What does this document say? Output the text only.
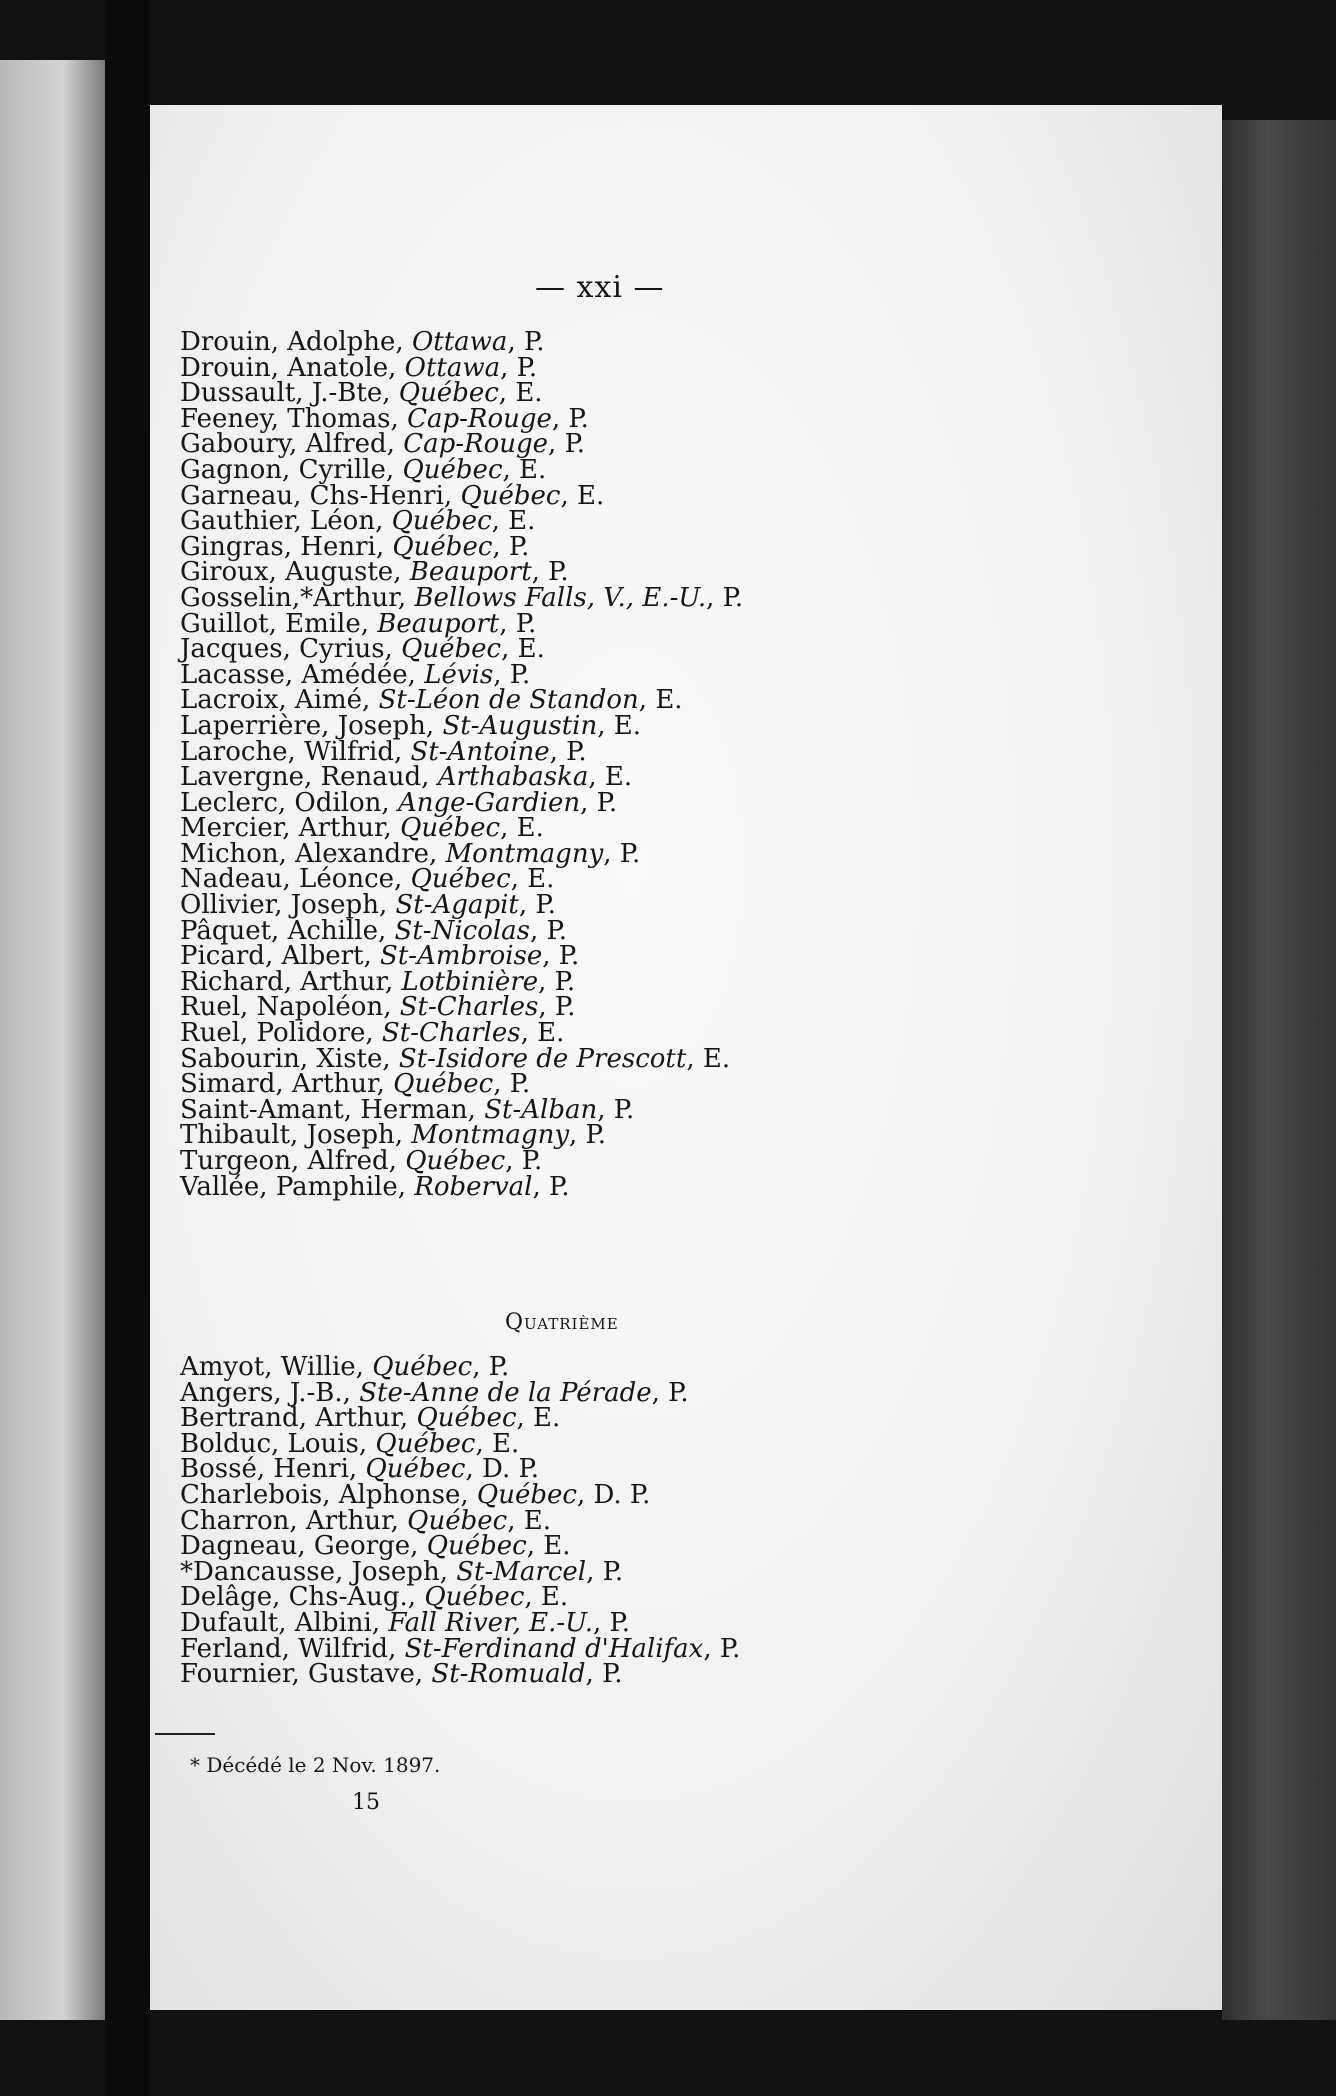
— xxi —
Drouin, Adolphe, Ottawa, P.
Drouin, Anatole, Ottawa, P.
Dussault, J.-Bte, Québec, E.
Feeney, Thomas, Cap-Rouge, P.
Gaboury, Alfred, Cap-Rouge, P.
Gagnon, Cyrille, Québec, E.
Garneau, Chs-Henri, Québec, E.
Gauthier, Léon, Québec, E.
Gingras, Henri, Québec, P.
Giroux, Auguste, Beauport, P.
Gosselin,*Arthur, Bellows Falls, V., E.-U., P.
Guillot, Emile, Beauport, P.
Jacques, Cyrius, Québec, E.
Lacasse, Amédée, Lévis, P.
Lacroix, Aimé, St-Léon de Standon, E.
Laperrière, Joseph, St-Augustin, E.
Laroche, Wilfrid, St-Antoine, P.
Lavergne, Renaud, Arthabaska, E.
Leclerc, Odilon, Ange-Gardien, P.
Mercier, Arthur, Québec, E.
Michon, Alexandre, Montmagny, P.
Nadeau, Léonce, Québec, E.
Ollivier, Joseph, St-Agapit, P.
Pâquet, Achille, St-Nicolas, P.
Picard, Albert, St-Ambroise, P.
Richard, Arthur, Lotbinière, P.
Ruel, Napoléon, St-Charles, P.
Ruel, Polidore, St-Charles, E.
Sabourin, Xiste, St-Isidore de Prescott, E.
Simard, Arthur, Québec, P.
Saint-Amant, Herman, St-Alban, P.
Thibault, Joseph, Montmagny, P.
Turgeon, Alfred, Québec, P.
Vallée, Pamphile, Roberval, P.
Quatrième
Amyot, Willie, Québec, P.
Angers, J.-B., Ste-Anne de la Pérade, P.
Bertrand, Arthur, Québec, E.
Bolduc, Louis, Québec, E.
Bossé, Henri, Québec, D. P.
Charlebois, Alphonse, Québec, D. P.
Charron, Arthur, Québec, E.
Dagneau, George, Québec, E.
*Dancausse, Joseph, St-Marcel, P.
Delâge, Chs-Aug., Québec, E.
Dufault, Albini, Fall River, E.-U., P.
Ferland, Wilfrid, St-Ferdinand d'Halifax, P.
Fournier, Gustave, St-Romuald, P.
* Décédé le 2 Nov. 1897.
15
